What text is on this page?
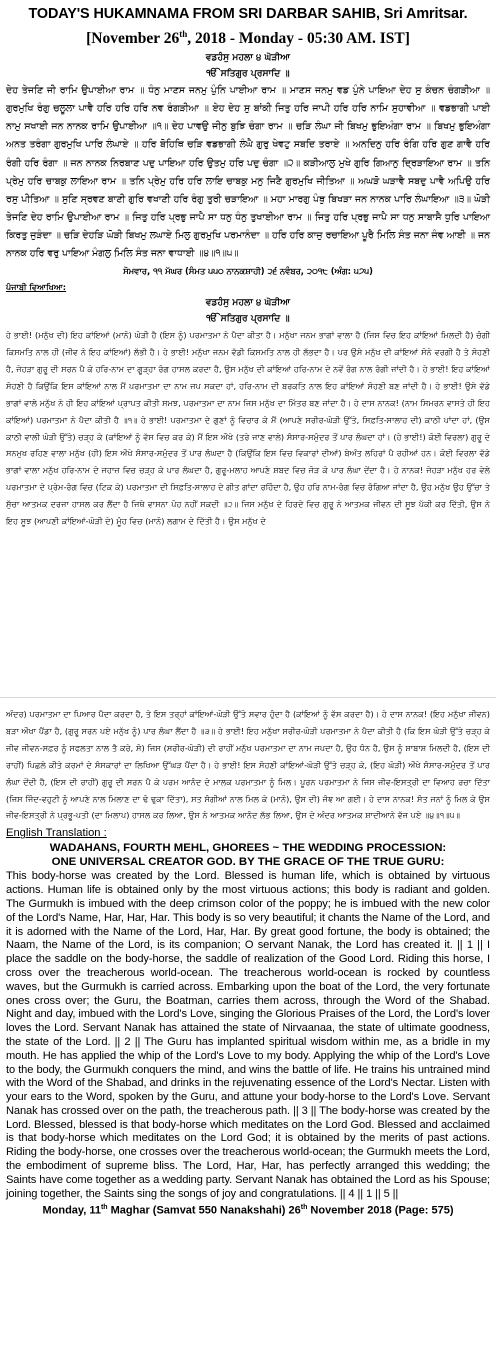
TODAY'S HUKAMNAMA FROM SRI DARBAR SAHIB, Sri Amritsar.
[November 26th, 2018 - Monday - 05:30 AM. IST]
ਵਡਹੰਸੁ ਮਹਲਾ ੪ ਘੋੜੀਆ
ੴ ਸਤਿਗੁਰ ਪ੍ਰਸਾਦਿ ॥
ਦੇਹ ਤੇਜਣਿ ਜੀ ਰਾਮਿ ਉਪਾਈਆ ਰਾਮ ॥ ਧੰਨੁ ਮਾਣਸ ਜਨਮੁ ਪੁੰਨਿ ਪਾਈਆ ਰਾਮ ॥ ਮਾਣਸ ਜਨਮੁ ਵਡ ਪੁੰਨੇ ਪਾਇਆ ਦੇਹ ਸੁ ਕੰਚਨ ਚੰਗੜੀਆ ॥ ਗੁਰਮੁਖਿ ਰੰਗੁ ਚਲੂਲਾ ਪਾਵੈ ਹਰਿ ਹਰਿ ਹਰਿ ਨਵ ਰੰਗੜੀਆ ॥ ਏਹ ਦੇਹ ਸੁ ਬਾਂਕੀ ਜਿਤੁ ਹਰਿ ਜਾਪੀ ਹਰਿ ਹਰਿ ਨਾਮਿ ਸੁਹਾਵੀਆ ॥ ਵਡਭਾਗੀ ਪਾਈ ਨਾਮੁ ਸਖਾਈ ਜਨ ਨਾਨਕ ਰਾਮਿ ਉਪਾਈਆ ॥੧॥ ਦੇਹ ਪਾਵਉ ਜੀਨੁ ਬੁਝਿ ਚੰਗਾ ਰਾਮ ॥ ਚੜਿ ਲੰਘਾ ਜੀ ਬਿਖਮੁ ਭੁਇਅੰਗਾ ਰਾਮ ॥ ਬਿਖਮੁ ਭੁਇਅੰਗਾ ਅਨਤ ਤਰੰਗਾ ਗੁਰਮੁਖਿ ਪਾਰਿ ਲੰਘਾਏ ॥ ਹਰਿ ਬੋਹਿਥਿ ਚੜਿ ਵਡਭਾਗੀ ਲੰਘੈ ਗੁਰੁ ਖੇਵਟੁ ਸਬਦਿ ਤਰਾਏ ॥ ਅਨਦਿਨੁ ਹਰਿ ਰੰਗਿ ਹਰਿ ਗੁਣ ਗਾਵੈ ਹਰਿ ਰੰਗੀ ਹਰਿ ਰੰਗਾ ॥ ਜਨ ਨਾਨਕ ਨਿਰਬਾਣ ਪਦੁ ਪਾਇਆ ਹਰਿ ਉਤਮੁ ਹਰਿ ਪਦੁ ਚੰਗਾ ॥੨॥ ਕੜੀਆਲੁ ਮੁਖੇ ਗੁਰਿ ਗਿਆਨੁ ਦ੍ਰਿੜਾਇਆ ਰਾਮ ॥ ਤਨਿ ਪ੍ਰੇਮੁ ਹਰਿ ਚਾਬਕੁ ਲਾਇਆ ਰਾਮ ॥ ਤਨਿ ਪ੍ਰੇਮੁ ਹਰਿ ਹਰਿ ਲਾਇ ਚਾਬਕੁ ਮਨੁ ਜਿਣੈ ਗੁਰਮੁਖਿ ਜੀਤਿਆ ॥ ਅਘੜੋ ਘੜਾਵੈ ਸਬਦੁ ਪਾਵੈ ਅਪਿਉ ਹਰਿ ਰਸੁ ਪੀਤਿਆ ॥ ਸੁਣਿ ਸ੍ਰਵਣ ਬਾਣੀ ਗੁਰਿ ਵਖਾਣੀ ਹਰਿ ਰੰਗੁ ਤੁਰੀ ਚੜਾਇਆ ॥ ਮਹਾ ਮਾਰਗੁ ਪੰਥੁ ਬਿਖੜਾ ਜਨ ਨਾਨਕ ਪਾਰਿ ਲੰਘਾਇਆ ॥੩॥ ਘੋੜੀ ਤੇਜਣਿ ਦੇਹ ਰਾਮਿ ਉਪਾਈਆ ਰਾਮ ॥ ਜਿਤੁ ਹਰਿ ਪ੍ਰਭੁ ਜਾਪੈ ਸਾ ਧਨੁ ਧੰਨੁ ਤੁਖਾਈਆ ਰਾਮ ॥ ਜਿਤੁ ਹਰਿ ਪ੍ਰਭੁ ਜਾਪੈ ਸਾ ਧਨੁ ਸਾਬਾਸੈ ਧੁਰਿ ਪਾਇਆ ਕਿਰਤੁ ਜੁੜੰਦਾ ॥ ਚੜਿ ਦੇਹੜਿ ਘੋੜੀ ਬਿਖਮੁ ਲਘਾਏ ਮਿਲੁ ਗੁਰਮੁਖਿ ਪਰਮਾਨੰਦਾ ॥ ਹਰਿ ਹਰਿ ਕਾਜੁ ਰਚਾਇਆ ਪੂਰੈ ਮਿਲਿ ਸੰਤ ਜਨਾ ਜੰਞ ਆਈ ॥ ਜਨ ਨਾਨਕ ਹਰਿ ਵਰੁ ਪਾਇਆ ਮੰਗਲੁ ਮਿਲਿ ਸੰਤ ਜਨਾ ਵਾਧਾਈ ॥੪॥੧॥੫॥
ਸੋਮਵਾਰ, ੧੧ ਮੱਘਰ (ਸੰਮਤ ੫੫੦ ਨਾਨਕਸ਼ਾਹੀ) ੨੬ ਨਵੰਬਰ, ੨੦੧੮ (ਅੰਗ: ੫੭੫)
ਪੰਜਾਬੀ ਵਿਆਖਿਆ:
ਵਡਹੰਸੁ ਮਹਲਾ ੪ ਘੋੜੀਆ
ੴ ਸਤਿਗੁਰ ਪ੍ਰਸਾਦਿ ॥
ਹੇ ਭਾਈ! (ਮਨੁੱਖ ਦੀ) ਇਹ ਕਾਂਇਆਂ (ਮਾਨੋ) ਘੋੜੀ ਹੈ (ਇਸ ਨੂੰ) ਪਰਮਾਤਮਾ ਨੇ ਪੈਦਾ ਕੀਤਾ ਹੈ। ਮਨੁੱਖਾ ਜਨਮ ਭਾਗਾਂ ਵਾਲਾ ਹੈ (ਜਿਸ ਵਿਚ ਇਹ ਕਾਂਇਆਂ ਮਿਲਦੀ ਹੈ) ਚੰਗੀ ਕਿਸਮਤਿ ਨਾਲ ਹੀ (ਜੀਵ ਨੇ ਇਹ ਕਾਂਇਆਂ) ਲੱਭੀ ਹੈ। ਹੇ ਭਾਈ! ਮਨੁੱਖਾ ਜਨਮ ਵੱਡੀ ਕਿਸਮਤਿ ਨਾਲ ਹੀ ਲੱਭਦਾ ਹੈ। ਪਰ ਉਸੇ ਮਨੁੱਖ ਦੀ ਕਾਂਇਆਂ ਸੋਨੇ ਵਰਗੀ ਹੈ ਤੇ ਸੋਹਣੀ ਹੈ, ਜੇਹੜਾ ਗੁਰੂ ਦੀ ਸਰਨ ਪੈ ਕੇ ਹਰਿ-ਨਾਮ ਦਾ ਗੂੜ੍ਹਾ ਰੰਗ ਹਾਸਲ ਕਰਦਾ ਹੈ, ਉਸ ਮਨੁੱਖ ਦੀ ਕਾਂਇਆਂ ਹਰਿ-ਨਾਮ ਦੇ ਨਵੇਂ ਰੰਗ ਨਾਲ ਰੰਗੀ ਜਾਂਦੀ ਹੈ। ਹੇ ਭਾਈ! ਇਹ ਕਾਂਇਆਂ ਸੋਹਣੀ ਹੈ ਕਿਉਂਕਿ ਇਸ ਕਾਂਇਆਂ ਨਾਲ ਮੈਂ ਪਰਮਾਤਮਾ ਦਾ ਨਾਮ ਜਪ ਸਕਦਾ ਹਾਂ, ਹਰਿ-ਨਾਮ ਦੀ ਬਰਕਤਿ ਨਾਲ ਇਹ ਕਾਂਇਆਂ ਸੋਹਣੀ ਬਣ ਜਾਂਦੀ ਹੈ। ਹੇ ਭਾਈ! ਉਸੇ ਵੱਡੇ ਭਾਗਾਂ ਵਾਲੇ ਮਨੁੱਖ ਨੇ ਹੀ ਇਹ ਕਾਂਇਆਂ ਪ੍ਰਾਪਤ ਕੀਤੀ ਸਮਝ, ਪਰਮਾਤਮਾ ਦਾ ਨਾਮ ਜਿਸ ਮਨੁੱਖ ਦਾ ਮਿੱਤਰ ਬਣ ਜਾਂਦਾ ਹੈ। ਹੇ ਦਾਸ ਨਾਨਕ! (ਨਾਮ ਸਿਮਰਨ ਵਾਸਤੇ ਹੀ ਇਹ ਕਾਂਇਆਂ) ਪਰਮਾਤਮਾ ਨੇ ਪੈਦਾ ਕੀਤੀ ਹੈ ॥੧॥ ਹੇ ਭਾਈ! ਪਰਮਾਤਮਾ ਦੇ ਗੁਣਾਂ ਨੂੰ ਵਿਚਾਰ ਕੇ ਮੈਂ (ਆਪਣੇ ਸਰੀਰ-ਘੋੜੀ ਉੱਤੇ, ਸਿਫ਼ਤਿ-ਸਾਲਾਹ ਦੀ) ਕਾਠੀ ਪਾਂਦਾ ਹਾਂ, (ਉਸ ਕਾਠੀ ਵਾਲੀ ਘੋੜੀ ਉੱਤੇ) ਚੜ੍ਹ ਕੇ (ਕਾਂਇਆਂ ਨੂੰ ਵੱਸ ਵਿਚ ਕਰ ਕੇ) ਮੈਂ ਇਸ ਔਖੇ (ਤਰੇ ਜਾਣ ਵਾਲੇ) ਸੰਸਾਰ-ਸਮੁੰਦਰ ਤੋਂ ਪਾਰ ਲੰਘਦਾ ਹਾਂ। (ਹੇ ਭਾਈ!) ਕੋਈ ਵਿਰਲਾ) ਗੁਰੂ ਦੇ ਸਨਮੁਖ ਰਹਿਣ ਵਾਲਾ ਮਨੁੱਖ (ਹੀ) ਇਸ ਔਖੇ ਸੰਸਾਰ-ਸਮੁੰਦਰ ਤੋਂ ਪਾਰ ਲੰਘਦਾ ਹੈ (ਕਿਉਂਕਿ ਇਸ ਵਿਚ ਵਿਕਾਰਾਂ ਦੀਆਂ) ਬੇਅੰਤ ਲਹਿਰਾਂ ਪੈ ਰਹੀਆਂ ਹਨ। ਕੋਈ ਵਿਰਲਾ ਵੱਡੇ ਭਾਗਾਂ ਵਾਲਾ ਮਨੁੱਖ ਹਰਿ-ਨਾਮ ਦੇ ਜਹਾਜ਼ ਵਿਚ ਚੜ੍ਹ ਕੇ ਪਾਰ ਲੰਘਦਾ ਹੈ, ਗੁਰੂ-ਮਲਾਹ ਆਪਣੇ ਸ਼ਬਦ ਵਿਚ ਜੋੜ ਕੇ ਪਾਰ ਲੰਘਾ ਦੇਂਦਾ ਹੈ। ਹੇ ਨਾਨਕ! ਜੇਹੜਾ ਮਨੁੱਖ ਹਰ ਵੇਲੇ ਪਰਮਾਤਮਾ ਦੇ ਪ੍ਰੇਮ-ਰੰਗ ਵਿਚ (ਟਿਕ ਕੇ) ਪਰਮਾਤਮਾ ਦੀ ਸਿਫ਼ਤਿ-ਸਾਲਾਹ ਦੇ ਗੀਤ ਗਾਂਦਾ ਰਹਿੰਦਾ ਹੈ, ਉਹ ਹਰਿ ਨਾਮ-ਰੰਗ ਵਿਚ ਰੰਗਿਆ ਜਾਂਦਾ ਹੈ, ਉਹ ਮਨੁੱਖ ਉਹ ਉੱਚਾ ਤੇ ਸੁੱਚਾ ਆਤਮਕ ਦਰਜਾ ਹਾਸਲ ਕਰ ਲੈਂਦਾ ਹੈ ਜਿਥੇ ਵਾਸਨਾ ਪੋਹ ਨਹੀਂ ਸਕਦੀ ॥੨॥ ਜਿਸ ਮਨੁੱਖ ਦੇ ਹਿਰਦੇ ਵਿਚ ਗੁਰੂ ਨੇ ਆਤਮਕ ਜੀਵਨ ਦੀ ਸੂਝ ਪੱਕੀ ਕਰ ਦਿੱਤੀ, ਉਸ ਨੇ ਇਹ ਸੂਝ (ਆਪਣੀ ਕਾਂਇਆਂ-ਘੋੜੀ ਦੇ) ਮੂੰਹ ਵਿਚ (ਮਾਨੋ) ਲਗਾਮ ਦੇ ਦਿੱਤੀ ਹੈ। ਉਸ ਮਨੁੱਖ ਦੇ
ਅੰਦਰ) ਪਰਮਾਤਮਾ ਦਾ ਪਿਆਰ ਪੈਦਾ ਕਰਦਾ ਹੈ, ਤੇ ਇਸ ਤਰ੍ਹਾਂ ਕਾਂਇਆਂ-ਘੋੜੀ ਉੱਤੇ ਸਵਾਰ ਹੁੰਦਾ ਹੈ (ਕਾਂਇਆਂ ਨੂੰ ਵੱਸ ਕਰਦਾ ਹੈ)। ਹੇ ਦਾਸ ਨਾਨਕ! (ਇਹ ਮਨੁੱਖਾ ਜੀਵਨ) ਬੜਾ ਔਖਾ ਪੈਂਡਾ ਹੈ, (ਗੁਰੂ ਸਰਨ ਪਏ ਮਨੁੱਖ ਨੂੰ) ਪਾਰ ਲੰਘਾ ਲੈਂਦਾ ਹੈ ॥੩॥ ਹੇ ਭਾਈ! ਇਹ ਮਨੁੱਖਾ ਸਰੀਰ-ਘੋੜੀ ਪਰਮਾਤਮਾ ਨੇ ਪੈਦਾ ਕੀਤੀ ਹੈ (ਕਿ ਇਸ ਘੋੜੀ ਉੱਤੇ ਚੜ੍ਹ ਕੇ ਜੀਵ ਜੀਵਨ-ਸਫ਼ਰ ਨੂੰ ਸਫਲਤਾ ਨਾਲ ਤੈ ਕਰੇ, ਸੋ) ਜਿਸ (ਸਰੀਰ-ਘੋੜੀ) ਦੀ ਰਾਹੀਂ ਮਨੁੱਖ ਪਰਮਾਤਮਾ ਦਾ ਨਾਮ ਜਪਦਾ ਹੈ, ਉਹ ਧੰਨ ਹੈ, ਉਸ ਨੂੰ ਸ਼ਾਬਾਸ਼ ਮਿਲਦੀ ਹੈ, (ਇਸ ਦੀ ਰਾਹੀਂ) ਪਿਛਲੇ ਕੀਤੇ ਕਰਮਾਂ ਦੇ ਸੰਸਕਾਰਾਂ ਦਾ ਲਿਖਿਆ ਉੱਘੜ ਪੈਂਦਾ ਹੈ। ਹੇ ਭਾਈ! ਇਸ ਸੋਹਣੀ ਕਾਂਇਆਂ-ਘੋੜੀ ਉੱਤੇ ਚੜ੍ਹ ਕੇ, (ਇਹ ਘੋੜੀ) ਔਖੇ ਸੰਸਾਰ-ਸਮੁੰਦਰ ਤੋਂ ਪਾਰ ਲੰਘਾ ਦੇਂਦੀ ਹੈ, (ਇਸ ਦੀ ਰਾਹੀਂ) ਗੁਰੂ ਦੀ ਸਰਨ ਪੈ ਕੇ ਪਰਮ ਆਨੰਦ ਦੇ ਮਾਲਕ ਪਰਮਾਤਮਾ ਨੂੰ ਮਿਲ। ਪੂਰਨ ਪਰਮਾਤਮਾ ਨੇ ਜਿਸ ਜੀਵ-ਇਸਤ੍ਰੀ ਦਾ ਵਿਆਹ ਰਚਾ ਦਿੱਤਾ (ਜਿਸ ਜਿੰਦ-ਵਹੁਟੀ ਨੂੰ ਆਪਣੇ ਨਾਲ ਮਿਲਾਣ ਦਾ ਢੋ ਢੁਕਾ ਦਿੱਤਾ), ਸਤ ਸੰਗੀਆਂ ਨਾਲ ਮਿਲ ਕੇ (ਮਾਨੋ), ਉਸ ਦੀ) ਜੰਞ ਆ ਗਈ। ਹੇ ਦਾਸ ਨਾਨਕ! ਸੰਤ ਜਨਾਂ ਨੂੰ ਮਿਲ ਕੇ ਉਸ ਜੀਵ-ਇਸਤ੍ਰੀ ਨੇ ਪ੍ਰਭੂ-ਪਤੀ (ਦਾ ਮਿਲਾਪ) ਹਾਸਲ ਕਰ ਲਿਆ, ਉਸ ਨੇ ਆਤਮਕ ਆਨੰਦ ਲੱਭ ਲਿਆ, ਉਸ ਦੇ ਅੰਦਰ ਆਤਮਕ ਸ਼ਾਦੀਆਨੇ ਵੱਜ ਪਏ ॥੪॥੧॥੫॥
English Translation :
WADAHANS, FOURTH MEHL, GHOREES ~ THE WEDDING PROCESSION:
ONE UNIVERSAL CREATOR GOD. BY THE GRACE OF THE TRUE GURU:
This body-horse was created by the Lord. Blessed is human life, which is obtained by virtuous actions. Human life is obtained only by the most virtuous actions; this body is radiant and golden. The Gurmukh is imbued with the deep crimson color of the poppy; he is imbued with the new color of the Lord's Name, Har, Har, Har. This body is so very beautiful; it chants the Name of the Lord, and it is adorned with the Name of the Lord, Har, Har. By great good fortune, the body is obtained; the Naam, the Name of the Lord, is its companion; O servant Nanak, the Lord has created it. || 1 || I place the saddle on the body-horse, the saddle of realization of the Good Lord. Riding this horse, I cross over the treacherous world-ocean. The treacherous world-ocean is rocked by countless waves, but the Gurmukh is carried across. Embarking upon the boat of the Lord, the very fortunate ones cross over; the Guru, the Boatman, carries them across, through the Word of the Shabad. Night and day, imbued with the Lord's Love, singing the Glorious Praises of the Lord, the Lord's lover loves the Lord. Servant Nanak has attained the state of Nirvaanaa, the state of ultimate goodness, the state of the Lord. || 2 || The Guru has implanted spiritual wisdom within me, as a bridle in my mouth. He has applied the whip of the Lord's Love to my body. Applying the whip of the Lord's Love to the body, the Gurmukh conquers the mind, and wins the battle of life. He trains his untrained mind with the Word of the Shabad, and drinks in the rejuvenating essence of the Lord's Nectar. Listen with your ears to the Word, spoken by the Guru, and attune your body-horse to the Lord's Love. Servant Nanak has crossed over on the path, the treacherous path. || 3 || The body-horse was created by the Lord. Blessed, blessed is that body-horse which meditates on the Lord God. Blessed and acclaimed is that body-horse which meditates on the Lord God; it is obtained by the merits of past actions. Riding the body-horse, one crosses over the treacherous world-ocean; the Gurmukh meets the Lord, the embodiment of supreme bliss. The Lord, Har, Har, has perfectly arranged this wedding; the Saints have come together as a wedding party. Servant Nanak has obtained the Lord as his Spouse; joining together, the Saints sing the songs of joy and congratulations. || 4 || 1 || 5 ||
Monday, 11th Maghar (Samvat 550 Nanakshahi) 26th November 2018 (Page: 575)
